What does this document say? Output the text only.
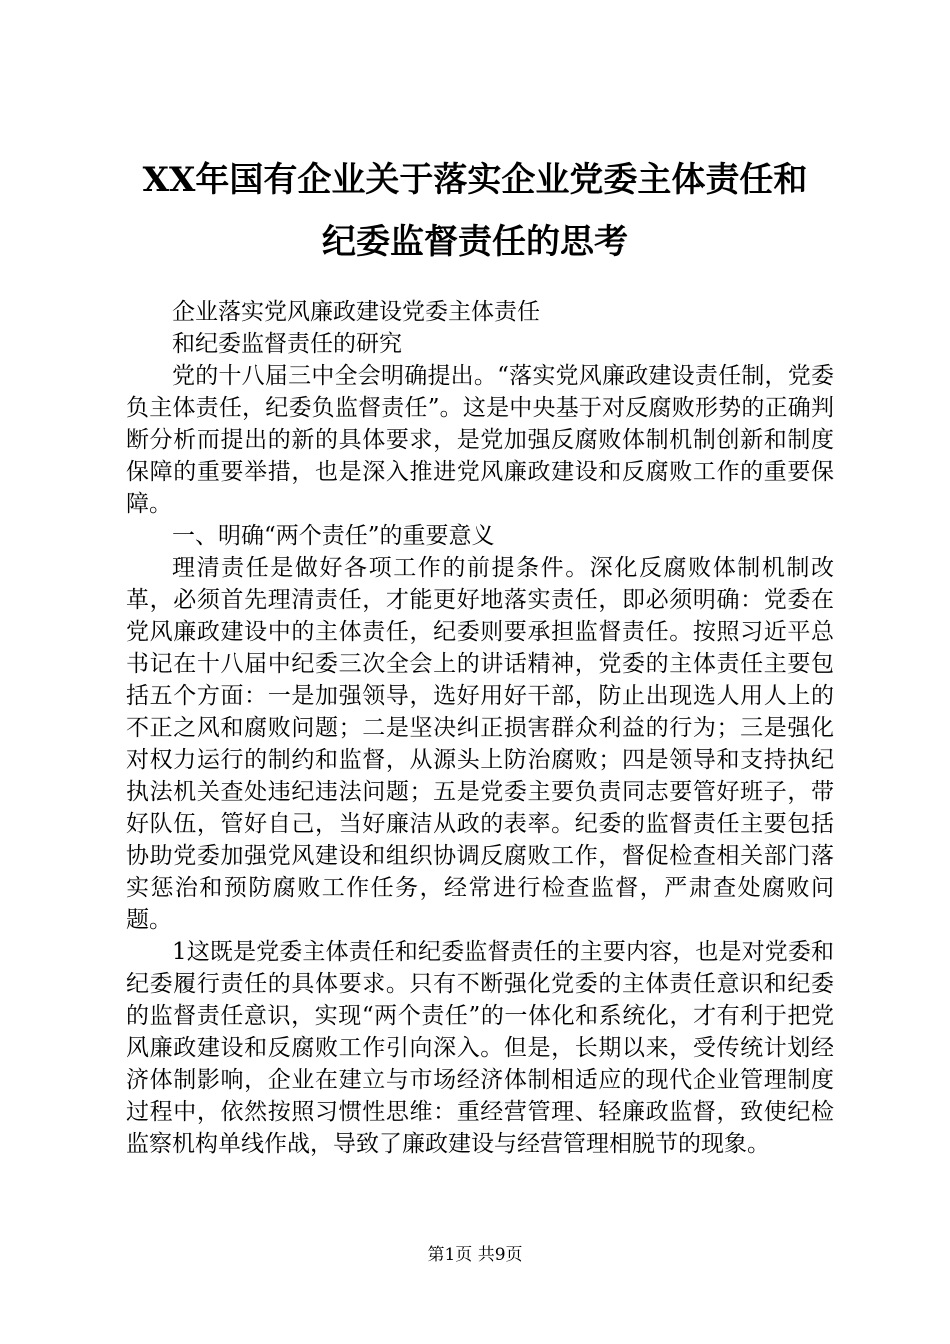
XX年国有企业关于落实企业党委主体责任和
纪委监督责任的思考

企业落实党风廉政建设党委主体责任

和纪委监督责任的研究

党的十八届三中全会明确提出。“落实党风廉政建设责任制，党委负主体责任，纪委负监督责任”。这是中央基于对反腐败形势的正确判断分析而提出的新的具体要求，是党加强反腐败体制机制创新和制度保障的重要举措，也是深入推进党风廉政建设和反腐败工作的重要保障。

一、明确“两个责任”的重要意义

理清责任是做好各项工作的前提条件。深化反腐败体制机制改革，必须首先理清责任，才能更好地落实责任，即必须明确：党委在党风廉政建设中的主体责任，纪委则要承担监督责任。按照习近平总书记在十八届中纪委三次全会上的讲话精神，党委的主体责任主要包括五个方面：一是加强领导，选好用好干部，防止出现选人用人上的不正之风和腐败问题；二是坚决纠正损害群众利益的行为；三是强化对权力运行的制约和监督，从源头上防治腐败；四是领导和支持执纪执法机关查处违纪违法问题；五是党委主要负责同志要管好班子，带好队伍，管好自己，当好廉洁从政的表率。纪委的监督责任主要包括协助党委加强党风建设和组织协调反腐败工作，督促检查相关部门落实惩治和预防腐败工作任务，经常进行检查监督，严肃查处腐败问题。

1这既是党委主体责任和纪委监督责任的主要内容，也是对党委和纪委履行责任的具体要求。只有不断强化党委的主体责任意识和纪委的监督责任意识，实现“两个责任”的一体化和系统化，才有利于把党风廉政建设和反腐败工作引向深入。但是，长期以来，受传统计划经济体制影响，企业在建立与市场经济体制相适应的现代企业管理制度过程中，依然按照习惯性思维：重经营管理、轻廉政监督，致使纪检监察机构单线作战，导致了廉政建设与经营管理相脱节的现象。

第1页 共9页
